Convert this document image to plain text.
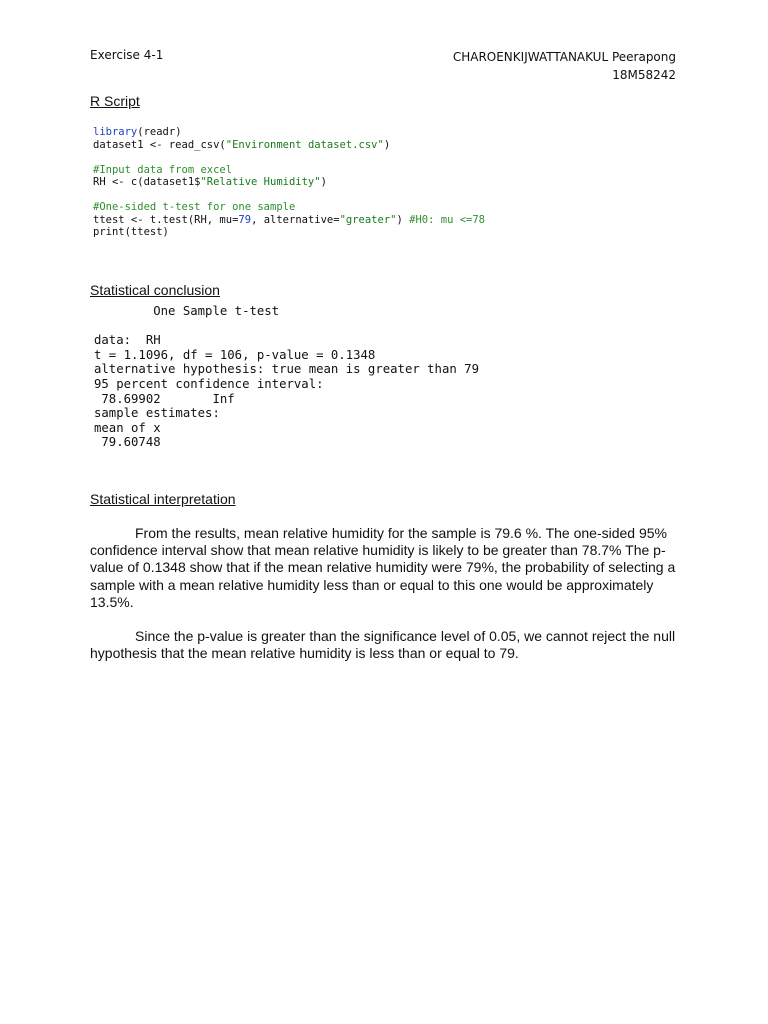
Exercise 4-1	CHAROENKIJWATTANAKUL Peerapong
18M58242
R Script
library(readr)
dataset1 <- read_csv("Environment dataset.csv")

#Input data from excel
RH <- c(dataset1$"Relative Humidity")

#One-sided t-test for one sample
ttest <- t.test(RH, mu=79, alternative="greater") #H0: mu <=78
print(ttest)
Statistical conclusion
One Sample t-test

data:  RH
t = 1.1096, df = 106, p-value = 0.1348
alternative hypothesis: true mean is greater than 79
95 percent confidence interval:
78.69902       Inf
sample estimates:
mean of x
79.60748
Statistical interpretation

From the results, mean relative humidity for the sample is 79.6 %. The one-sided 95% confidence interval show that mean relative humidity is likely to be greater than 78.7% The p-value of 0.1348 show that if the mean relative humidity were 79%, the probability of selecting a sample with a mean relative humidity less than or equal to this one would be approximately 13.5%.

Since the p-value is greater than the significance level of 0.05, we cannot reject the null hypothesis that the mean relative humidity is less than or equal to 79.
